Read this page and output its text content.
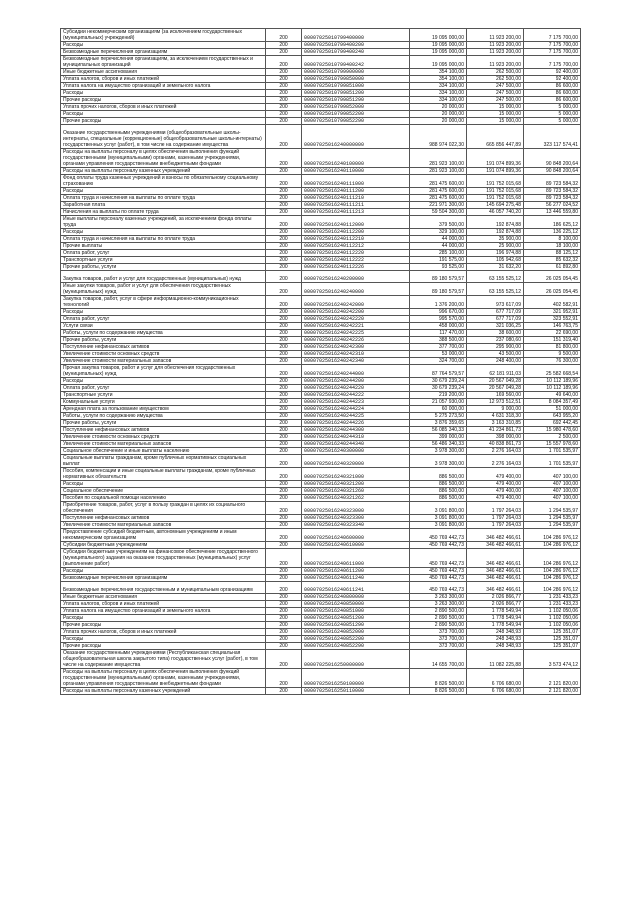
Субсидии некоммерческим организациям (за исключением государственных (муниципальных) учреждений)	200	00007025010799400000	19 095 000,00	11 923 200,00	7 175 700,00
Расходы	200	00007025010799400200	19 095 000,00	11 923 200,00	7 175 700,00
Безвозмездные перечисления организациям	200	00007025010799400240	19 095 000,00	11 923 200,00	7 175 700,00
Безвозмездные перечисления организациям, за исключением государственных и муниципальных организаций	200	00007025010799400242	19 095 000,00	11 923 200,00	7 175 700,00
Иные бюджетные ассигнования	200	00007025010799900000	354 100,00	262 500,00	92 400,00
Уплата налогов, сборов и иных платежей	200	00007025010799850000	354 100,00	262 500,00	92 400,00
Уплата налога на имущество организаций и земельного налога	200	00007025010799851000	334 100,00	247 500,00	86 600,00
Расходы	200	00007025010799851200	334 100,00	247 500,00	86 600,00
Прочие расходы	200	00007025010799851290	334 100,00	247 500,00	86 600,00
Уплата прочих налогов, сборов и иных платежей	200	00007025010799852000	20 000,00	15 000,00	5 000,00
Расходы	200	00007025010799852200	20 000,00	15 000,00	5 000,00
Прочие расходы	200	00007025010799852290	20 000,00	15 000,00	5 000,00
Оказание государственными учреждениями (общеобразовательные школы-интернаты, специальные (коррекционные) общеобразовательные школы-интернаты) государственных услуг (работ), в том числе на содержание имущества	200	00007025016240000000	988 974 022,30	665 856 447,89	323 117 574,41
Расходы на выплаты персоналу в целях обеспечения выполнения функций государственными (муниципальными) органами, казенными учреждениями, органами управления государственными внебюджетными фондами	200	00007025016240100000	281 923 100,00	191 074 899,36	90 848 200,64
Расходы на выплаты персоналу казенных учреждений	200	00007025016240110000	281 923 100,00	191 074 899,36	90 848 200,64
Фонд оплаты труда казенных учреждений и взносы по обязательному социальному страхованию	200	00007025016240111000	281 475 600,00	191 752 015,68	89 723 584,32
Расходы	200	00007025016240111200	281 475 600,00	191 752 015,68	89 723 584,32
Оплата труда и начисления на выплаты по оплате труда	200	00007025016240111210	281 475 600,00	191 752 015,68	89 723 584,32
Заработная плата	200	00007025016240111211	221 971 300,00	145 694 275,48	56 277 024,52
Начисления на выплаты по оплате труда	200	00007025016240111213	59 504 300,00	46 057 740,20	13 446 559,80
Иные выплаты персоналу казенных учреждений, за исключением фонда оплаты труда	200	00007025016240112000	379 500,00	192 874,88	186 625,12
Расходы	200	00007025016240112200	329 100,00	192 874,88	136 225,12
Оплата труда и начисления на выплаты по оплате труда	200	00007025016240112210	44 000,00	35 900,00	8 100,00
Прочие выплаты	200	00007025016240112212	44 000,00	25 900,00	18 100,00
Оплата работ, услуг	200	00007025016240112220	285 100,00	196 974,88	88 125,12
Транспортные услуги	200	00007025016240112222	191 575,00	105 942,68	85 632,32
Прочие работы, услуги	200	00007025016240112226	93 525,00	31 632,20	61 892,80
Закупка товаров, работ и услуг для государственных (муниципальных) нужд	200	00007025016240200000	89 180 579,57	63 155 525,12	26 025 054,45
Иные закупки товаров, работ и услуг для обеспечения государственных (муниципальных) нужд	200	00007025016240240000	89 180 579,57	63 155 525,12	26 025 054,45
Закупка товаров, работ, услуг в сфере информационно-коммуникационных технологий	200	00007025016240242000	1 376 200,00	973 617,09	402 582,91
Расходы	200	00007025016240242200	996 670,00	677 717,09	321 952,91
Оплата работ, услуг	200	00007025016240242220	995 570,00	677 717,09	323 552,91
Услуги связи	200	00007025016240242221	458 000,00	321 036,25	146 763,75
Работы, услуги по содержанию имущества	200	00007025016240242225	117 470,00	38 600,00	22 690,00
Прочие работы, услуги	200	00007025016240242226	388 500,00	237 080,60	151 319,40
Поступление нефинансовых активов	200	00007025016240242300	377 700,00	295 900,00	81 800,00
Увеличение стоимости основных средств	200	00007025016240242310	53 000,00	43 500,00	9 500,00
Увеличение стоимости материальных запасов	200	00007025016240242340	324 700,00	248 400,00	76 300,00
Прочая закупка товаров, работ и услуг для обеспечения государственных (муниципальных) нужд	200	00007025016240244000	87 764 579,57	62 181 911,03	25 582 668,54
Расходы	200	00007025016240244200	30 679 239,24	20 567 049,28	10 112 189,96
Оплата работ, услуг	200	00007025016240244220	30 679 239,24	20 567 049,28	10 112 189,96
Транспортные услуги	200	00007025016240244222	219 200,00	169 560,00	49 640,00
Коммунальные услуги	200	00007025016240244223	21 057 930,00	12 973 512,51	8 084 357,49
Арендная плата за пользование имуществом	200	00007025016240244224	60 000,00	9 000,00	51 000,00
Работы, услуги по содержанию имущества	200	00007025016240244225	5 275 273,50	4 631 318,30	643 955,20
Прочие работы, услуги	200	00007025016240244226	3 876 359,65	3 163 310,85	692 442,45
Поступление нефинансовых активов	200	00007025016240244300	56 085 340,33	41 234 861,73	15 980 478,60
Увеличение стоимости основных средств	200	00007025016240244310	399 000,00	398 000,00	2 500,00
Увеличение стоимости материальных запасов	200	00007025016240244340	56 486 340,33	40 838 861,73	15 557 978,60
Социальное обеспечение и иные выплаты населению	200	00007025016240300000	3 978 300,00	2 276 164,03	1 701 535,97
Социальные выплаты гражданам, кроме публичных нормативных социальных выплат	200	00007025016240320000	3 978 300,00	2 276 164,03	1 701 535,97
Пособия, компенсации и иные социальные выплаты гражданам, кроме публичных нормативных обязательств	200	00007025016240321000	886 500,00	479 400,00	407 100,00
Расходы	200	00007025016240321200	886 500,00	479 400,00	407 100,00
Социальное обеспечение	200	00007025016240321260	886 500,00	479 400,00	407 100,00
Пособия по социальной помощи населению	200	00007025016240321262	886 500,00	479 400,00	407 100,00
Приобретение товаров, работ, услуг в пользу граждан в целях их социального обеспечения	200	00007025016240323000	3 091 800,00	1 797 264,03	1 294 535,97
Поступление нефинансовых активов	200	00007025016240323300	3 091 800,00	1 797 264,03	1 294 535,97
Увеличение стоимости материальных запасов	200	00007025016240323340	3 091 800,00	1 797 264,03	1 294 535,97
Предоставление субсидий бюджетным, автономным учреждениям и иным некоммерческим организациям	200	00007025016240600000	450 769 442,73	346 482 466,61	104 286 976,12
Субсидии бюджетным учреждениям	200	00007025016240610000	450 769 442,73	346 482 466,61	104 286 976,12
Субсидии бюджетным учреждениям на финансовое обеспечение государственного (муниципального) задания на оказание государственных (муниципальных) услуг (выполнение работ)	200	00007025016240611000	450 769 442,73	346 482 466,61	104 286 976,12
Расходы	200	00007025016240611200	450 769 442,73	346 482 466,61	104 286 976,12
Безвозмездные перечисления организациям	200	00007025016240611240	450 769 442,73	346 482 466,61	104 286 976,12
Безвозмездные перечисления государственным и муниципальным организациям	200	00007025016240611241	450 769 442,73	346 482 466,61	104 286 976,12
Иные бюджетные ассигнования	200	00007025016240800000	3 263 300,00	2 026 866,77	1 231 433,23
Уплата налогов, сборов и иных платежей	200	00007025016240850000	3 263 300,00	2 026 866,77	1 231 433,23
Уплата налога на имущество организаций и земельного налога	200	00007025016240851000	2 890 500,00	1 778 549,94	1 102 050,06
Расходы	200	00007025016240851200	2 890 500,00	1 778 549,94	1 102 050,06
Прочие расходы	200	00007025016240851290	2 890 500,00	1 778 549,94	1 102 050,06
Уплата прочих налогов, сборов и иных платежей	200	00007025016240852000	373 700,00	248 348,93	125 351,07
Расходы	200	00007025016240852200	373 700,00	248 348,93	125 351,07
Прочие расходы	200	00007025016240852290	373 700,00	248 348,93	125 351,07
Оказание государственными учреждениями (Республиканская специальная общеобразовательная школа закрытого типа) государственных услуг (работ), в том числе на содержание имущества	200	00007025016250000000	14 655 700,00	11 082 225,88	3 573 474,12
Расходы на выплаты персоналу в целях обеспечения выполнения функций государственными (муниципальными) органами, казенными учреждениями, органами управления государственными внебюджетными фондами	200	00007025016250100000	8 826 500,00	6 706 680,00	2 121 820,00
Расходы на выплаты персоналу казенных учреждений	200	00007025016250110000	8 826 500,00	6 706 680,00	2 121 820,00
